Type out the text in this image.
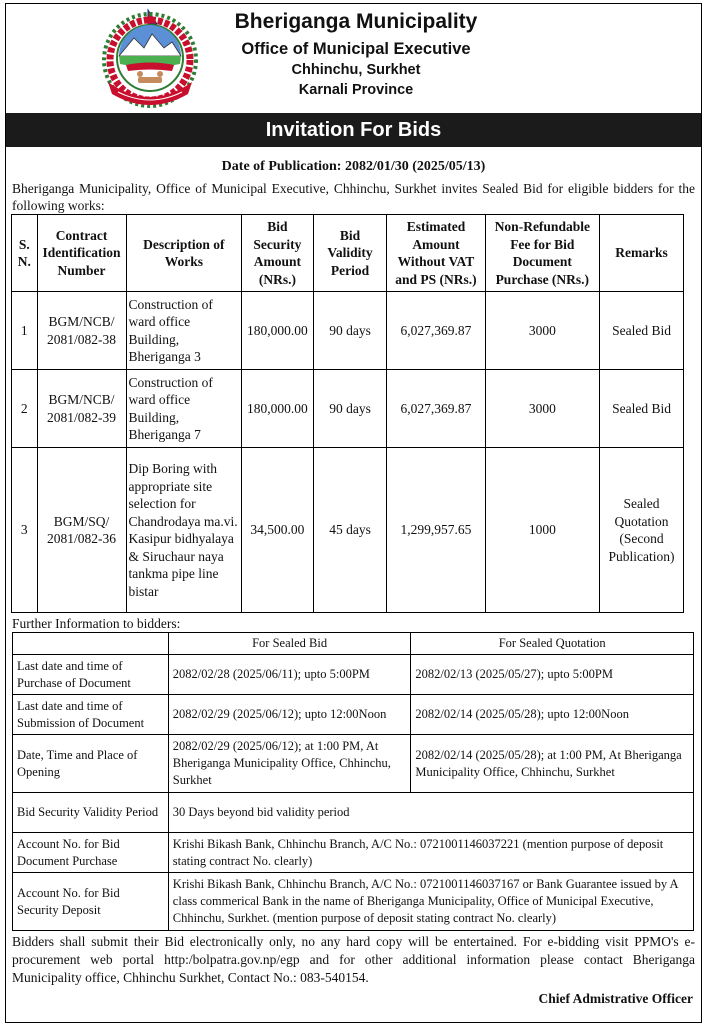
Bheriganga Municipality
Office of Municipal Executive
Chhinchu, Surkhet
Karnali Province
Invitation For Bids
Date of Publication: 2082/01/30 (2025/05/13)
Bheriganga Municipality, Office of Municipal Executive, Chhinchu, Surkhet invites Sealed Bid for eligible bidders for the following works:
S. N.	Contract Identification Number	Description of Works	Bid Security Amount (NRs.)	Bid Validity Period	Estimated Amount Without VAT and PS (NRs.)	Non-Refundable Fee for Bid Document Purchase (NRs.)	Remarks
1	BGM/NCB/ 2081/082-38	Construction of ward office Building, Bheriganga 3	180,000.00	90 days	6,027,369.87	3000	Sealed Bid
2	BGM/NCB/ 2081/082-39	Construction of ward office Building, Bheriganga 7	180,000.00	90 days	6,027,369.87	3000	Sealed Bid
3	BGM/SQ/ 2081/082-36	Dip Boring with appropriate site selection for Chandrodaya ma.vi. Kasipur bidhyalaya & Siruchaur naya tankma pipe line bistar	34,500.00	45 days	1,299,957.65	1000	Sealed Quotation (Second Publication)
Further Information to bidders:
	For Sealed Bid	For Sealed Quotation
Last date and time of Purchase of Document	2082/02/28 (2025/06/11); upto 5:00PM	2082/02/13 (2025/05/27); upto 5:00PM
Last date and time of Submission of Document	2082/02/29 (2025/06/12); upto 12:00Noon	2082/02/14 (2025/05/28); upto 12:00Noon
Date, Time and Place of Opening	2082/02/29 (2025/06/12); at 1:00 PM, At Bheriganga Municipality Office, Chhinchu, Surkhet	2082/02/14 (2025/05/28); at 1:00 PM, At Bheriganga Municipality Office, Chhinchu, Surkhet
Bid Security Validity Period	30 Days beyond bid validity period	
Account No. for Bid Document Purchase	Krishi Bikash Bank, Chhinchu Branch, A/C No.: 0721001146037221 (mention purpose of deposit stating contract No. clearly)	
Account No. for Bid Security Deposit	Krishi Bikash Bank, Chhinchu Branch, A/C No.: 0721001146037167 or Bank Guarantee issued by A class commerical Bank in the name of Bheriganga Municipality, Office of Municipal Executive, Chhinchu, Surkhet. (mention purpose of deposit stating contract No. clearly)	
Bidders shall submit their Bid electronically only, no any hard copy will be entertained. For e-bidding visit PPMO's e-procurement web portal http:/bolpatra.gov.np/egp and for other additional information please contact Bheriganga Municipality office, Chhinchu Surkhet, Contact No.: 083-540154.
Chief Admistrative Officer
